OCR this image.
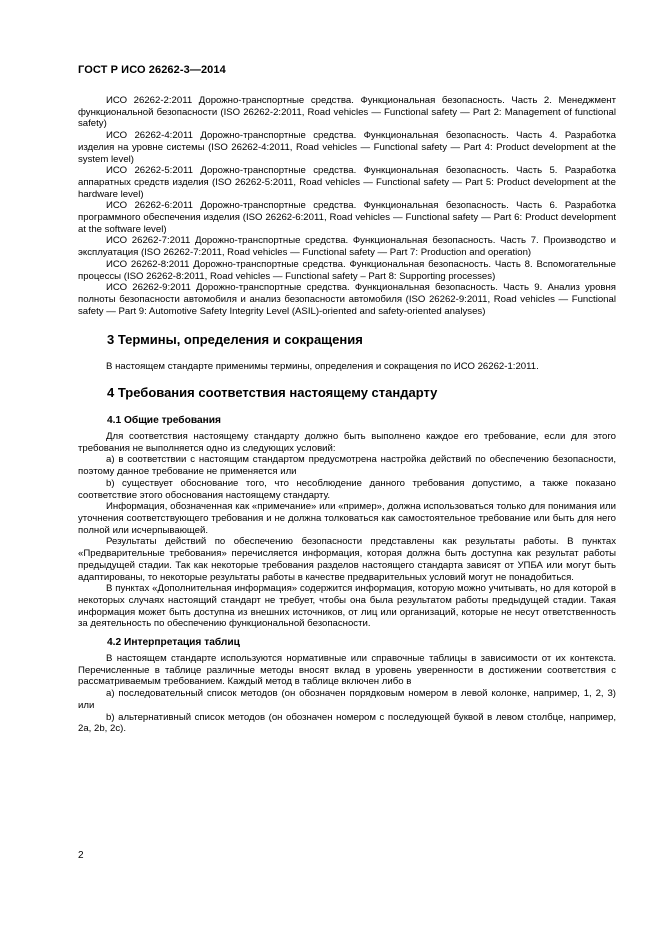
ГОСТ Р ИСО 26262-3—2014

ИСО 26262-2:2011 Дорожно-транспортные средства. Функциональная безопасность. Часть 2. Менеджмент функциональной безопасности (ISO 26262-2:2011, Road vehicles — Functional safety — Part 2: Management of functional safety)

ИСО 26262-4:2011 Дорожно-транспортные средства. Функциональная безопасность. Часть 4. Разработка изделия на уровне системы (ISO 26262-4:2011, Road vehicles — Functional safety — Part 4: Product development at the system level)

ИСО 26262-5:2011 Дорожно-транспортные средства. Функциональная безопасность. Часть 5. Разработка аппаратных средств изделия (ISO 26262-5:2011, Road vehicles — Functional safety — Part 5: Product development at the hardware level)

ИСО 26262-6:2011 Дорожно-транспортные средства. Функциональная безопасность. Часть 6. Разработка программного обеспечения изделия (ISO 26262-6:2011, Road vehicles — Functional safety — Part 6: Product development at the software level)

ИСО 26262-7:2011 Дорожно-транспортные средства. Функциональная безопасность. Часть 7. Производство и эксплуатация (ISO 26262-7:2011, Road vehicles — Functional safety — Part 7: Production and operation)

ИСО 26262-8:2011 Дорожно-транспортные средства. Функциональная безопасность. Часть 8. Вспомогательные процессы (ISO 26262-8:2011, Road vehicles — Functional safety – Part 8: Supporting processes)

ИСО 26262-9:2011 Дорожно-транспортные средства. Функциональная безопасность. Часть 9. Анализ уровня полноты безопасности автомобиля и анализ безопасности автомобиля (ISO 26262-9:2011, Road vehicles — Functional safety — Part 9: Automotive Safety Integrity Level (ASIL)-oriented and safety-oriented analyses)

3 Термины, определения и сокращения

В настоящем стандарте применимы термины, определения и сокращения по ИСО 26262-1:2011.

4 Требования соответствия настоящему стандарту
4.1 Общие требования

Для соответствия настоящему стандарту должно быть выполнено каждое его требование, если для этого требования не выполняется одно из следующих условий:

a) в соответствии с настоящим стандартом предусмотрена настройка действий по обеспечению безопасности, поэтому данное требование не применяется или

b) существует обоснование того, что несоблюдение данного требования допустимо, а также показано соответствие этого обоснования настоящему стандарту.

Информация, обозначенная как «примечание» или «пример», должна использоваться только для понимания или уточнения соответствующего требования и не должна толковаться как самостоятельное требование или быть для него полной или исчерпывающей.

Результаты действий по обеспечению безопасности представлены как результаты работы. В пунктах «Предварительные требования» перечисляется информация, которая должна быть доступна как результат работы предыдущей стадии. Так как некоторые требования разделов настоящего стандарта зависят от УПБА или могут быть адаптированы, то некоторые результаты работы в качестве предварительных условий могут не понадобиться.

В пунктах «Дополнительная информация» содержится информация, которую можно учитывать, но для которой в некоторых случаях настоящий стандарт не требует, чтобы она была результатом работы предыдущей стадии. Такая информация может быть доступна из внешних источников, от лиц или организаций, которые не несут ответственность за деятельность по обеспечению функциональной безопасности.

4.2 Интерпретация таблиц

В настоящем стандарте используются нормативные или справочные таблицы в зависимости от их контекста. Перечисленные в таблице различные методы вносят вклад в уровень уверенности в достижении соответствия с рассматриваемым требованием. Каждый метод в таблице включен либо в

а) последовательный список методов (он обозначен порядковым номером в левой колонке, например, 1, 2, 3) или

b) альтернативный список методов (он обозначен номером с последующей буквой в левом столбце, например, 2а, 2b, 2с).

2
